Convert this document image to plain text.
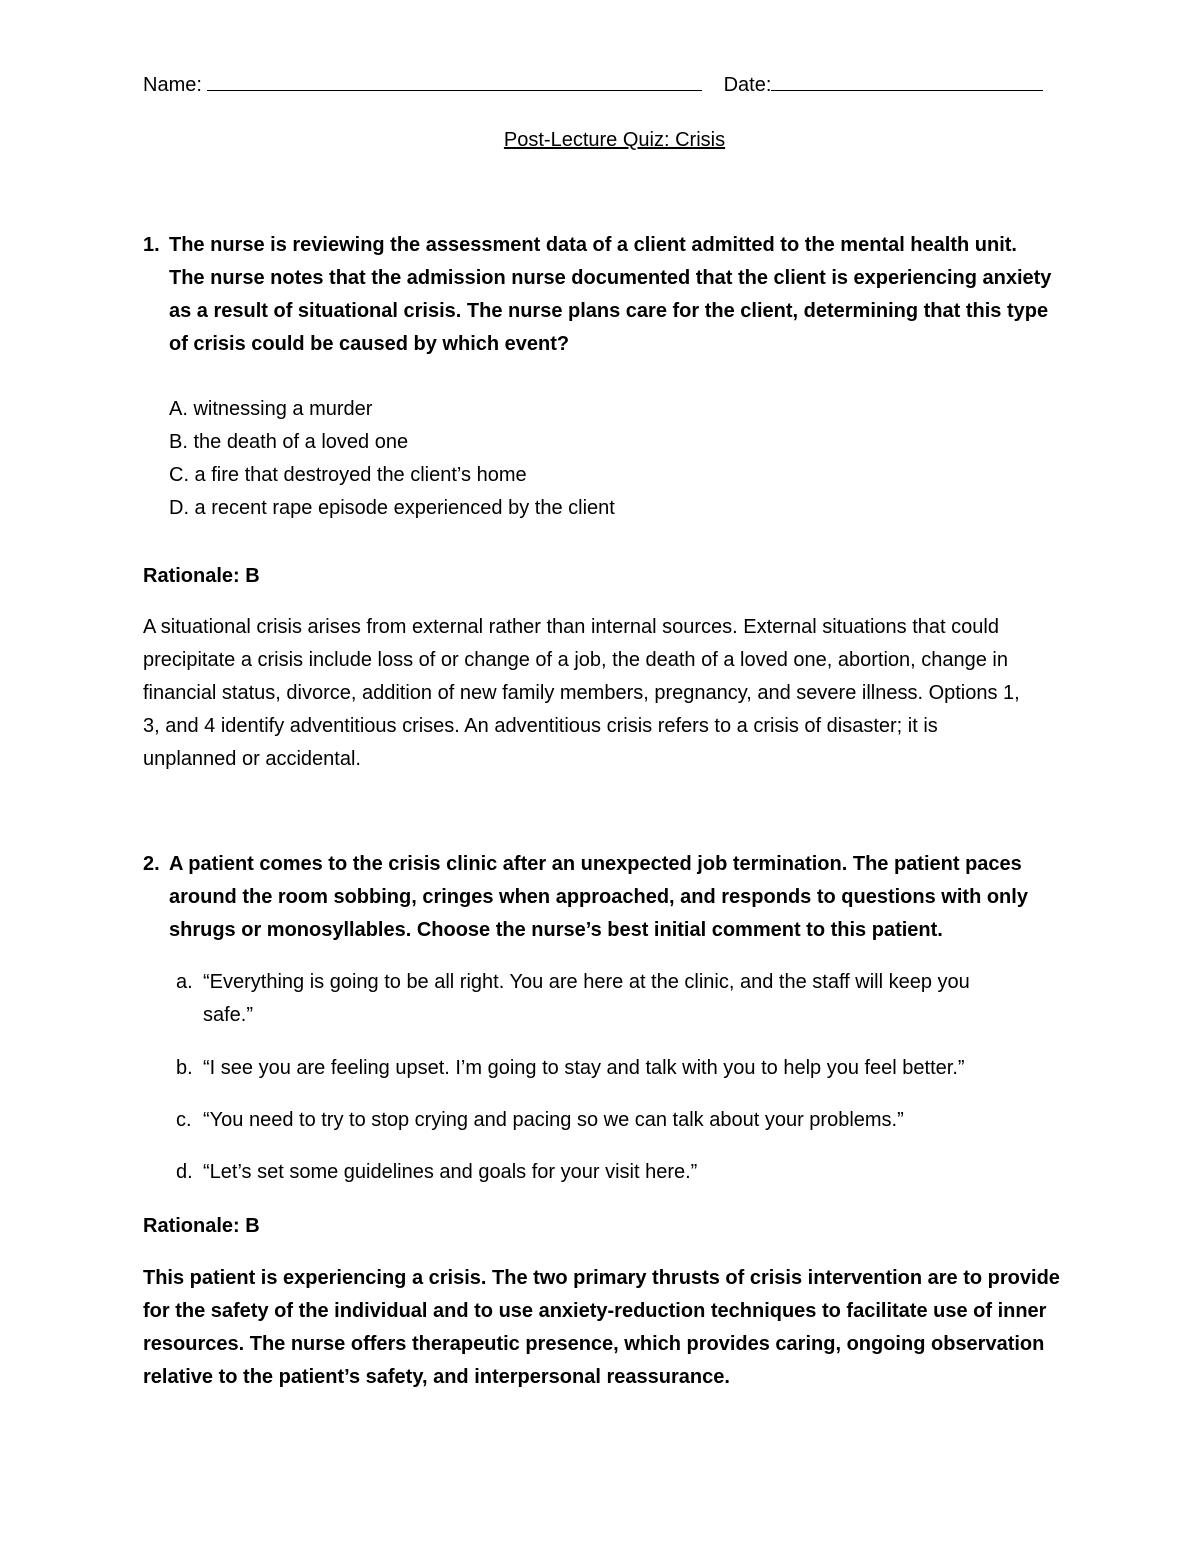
Name:	Date:
Post-Lecture Quiz: Crisis
1. The nurse is reviewing the assessment data of a client admitted to the mental health unit.
The nurse notes that the admission nurse documented that the client is experiencing anxiety
as a result of situational crisis. The nurse plans care for the client, determining that this type
of crisis could be caused by which event?
A. witnessing a murder
B. the death of a loved one
C. a fire that destroyed the client’s home
D. a recent rape episode experienced by the client
Rationale: B
A situational crisis arises from external rather than internal sources. External situations that could
precipitate a crisis include loss of or change of a job, the death of a loved one, abortion, change in
financial status, divorce, addition of new family members, pregnancy, and severe illness. Options 1,
3, and 4 identify adventitious crises. An adventitious crisis refers to a crisis of disaster; it is
unplanned or accidental.
2. A patient comes to the crisis clinic after an unexpected job termination. The patient paces
around the room sobbing, cringes when approached, and responds to questions with only
shrugs or monosyllables. Choose the nurse’s best initial comment to this patient.
a. “Everything is going to be all right. You are here at the clinic, and the staff will keep you
safe.”
b. “I see you are feeling upset. I’m going to stay and talk with you to help you feel better.”
c. “You need to try to stop crying and pacing so we can talk about your problems.”
d. “Let’s set some guidelines and goals for your visit here.”
Rationale: B
This patient is experiencing a crisis. The two primary thrusts of crisis intervention are to provide
for the safety of the individual and to use anxiety-reduction techniques to facilitate use of inner
resources. The nurse offers therapeutic presence, which provides caring, ongoing observation
relative to the patient’s safety, and interpersonal reassurance.
